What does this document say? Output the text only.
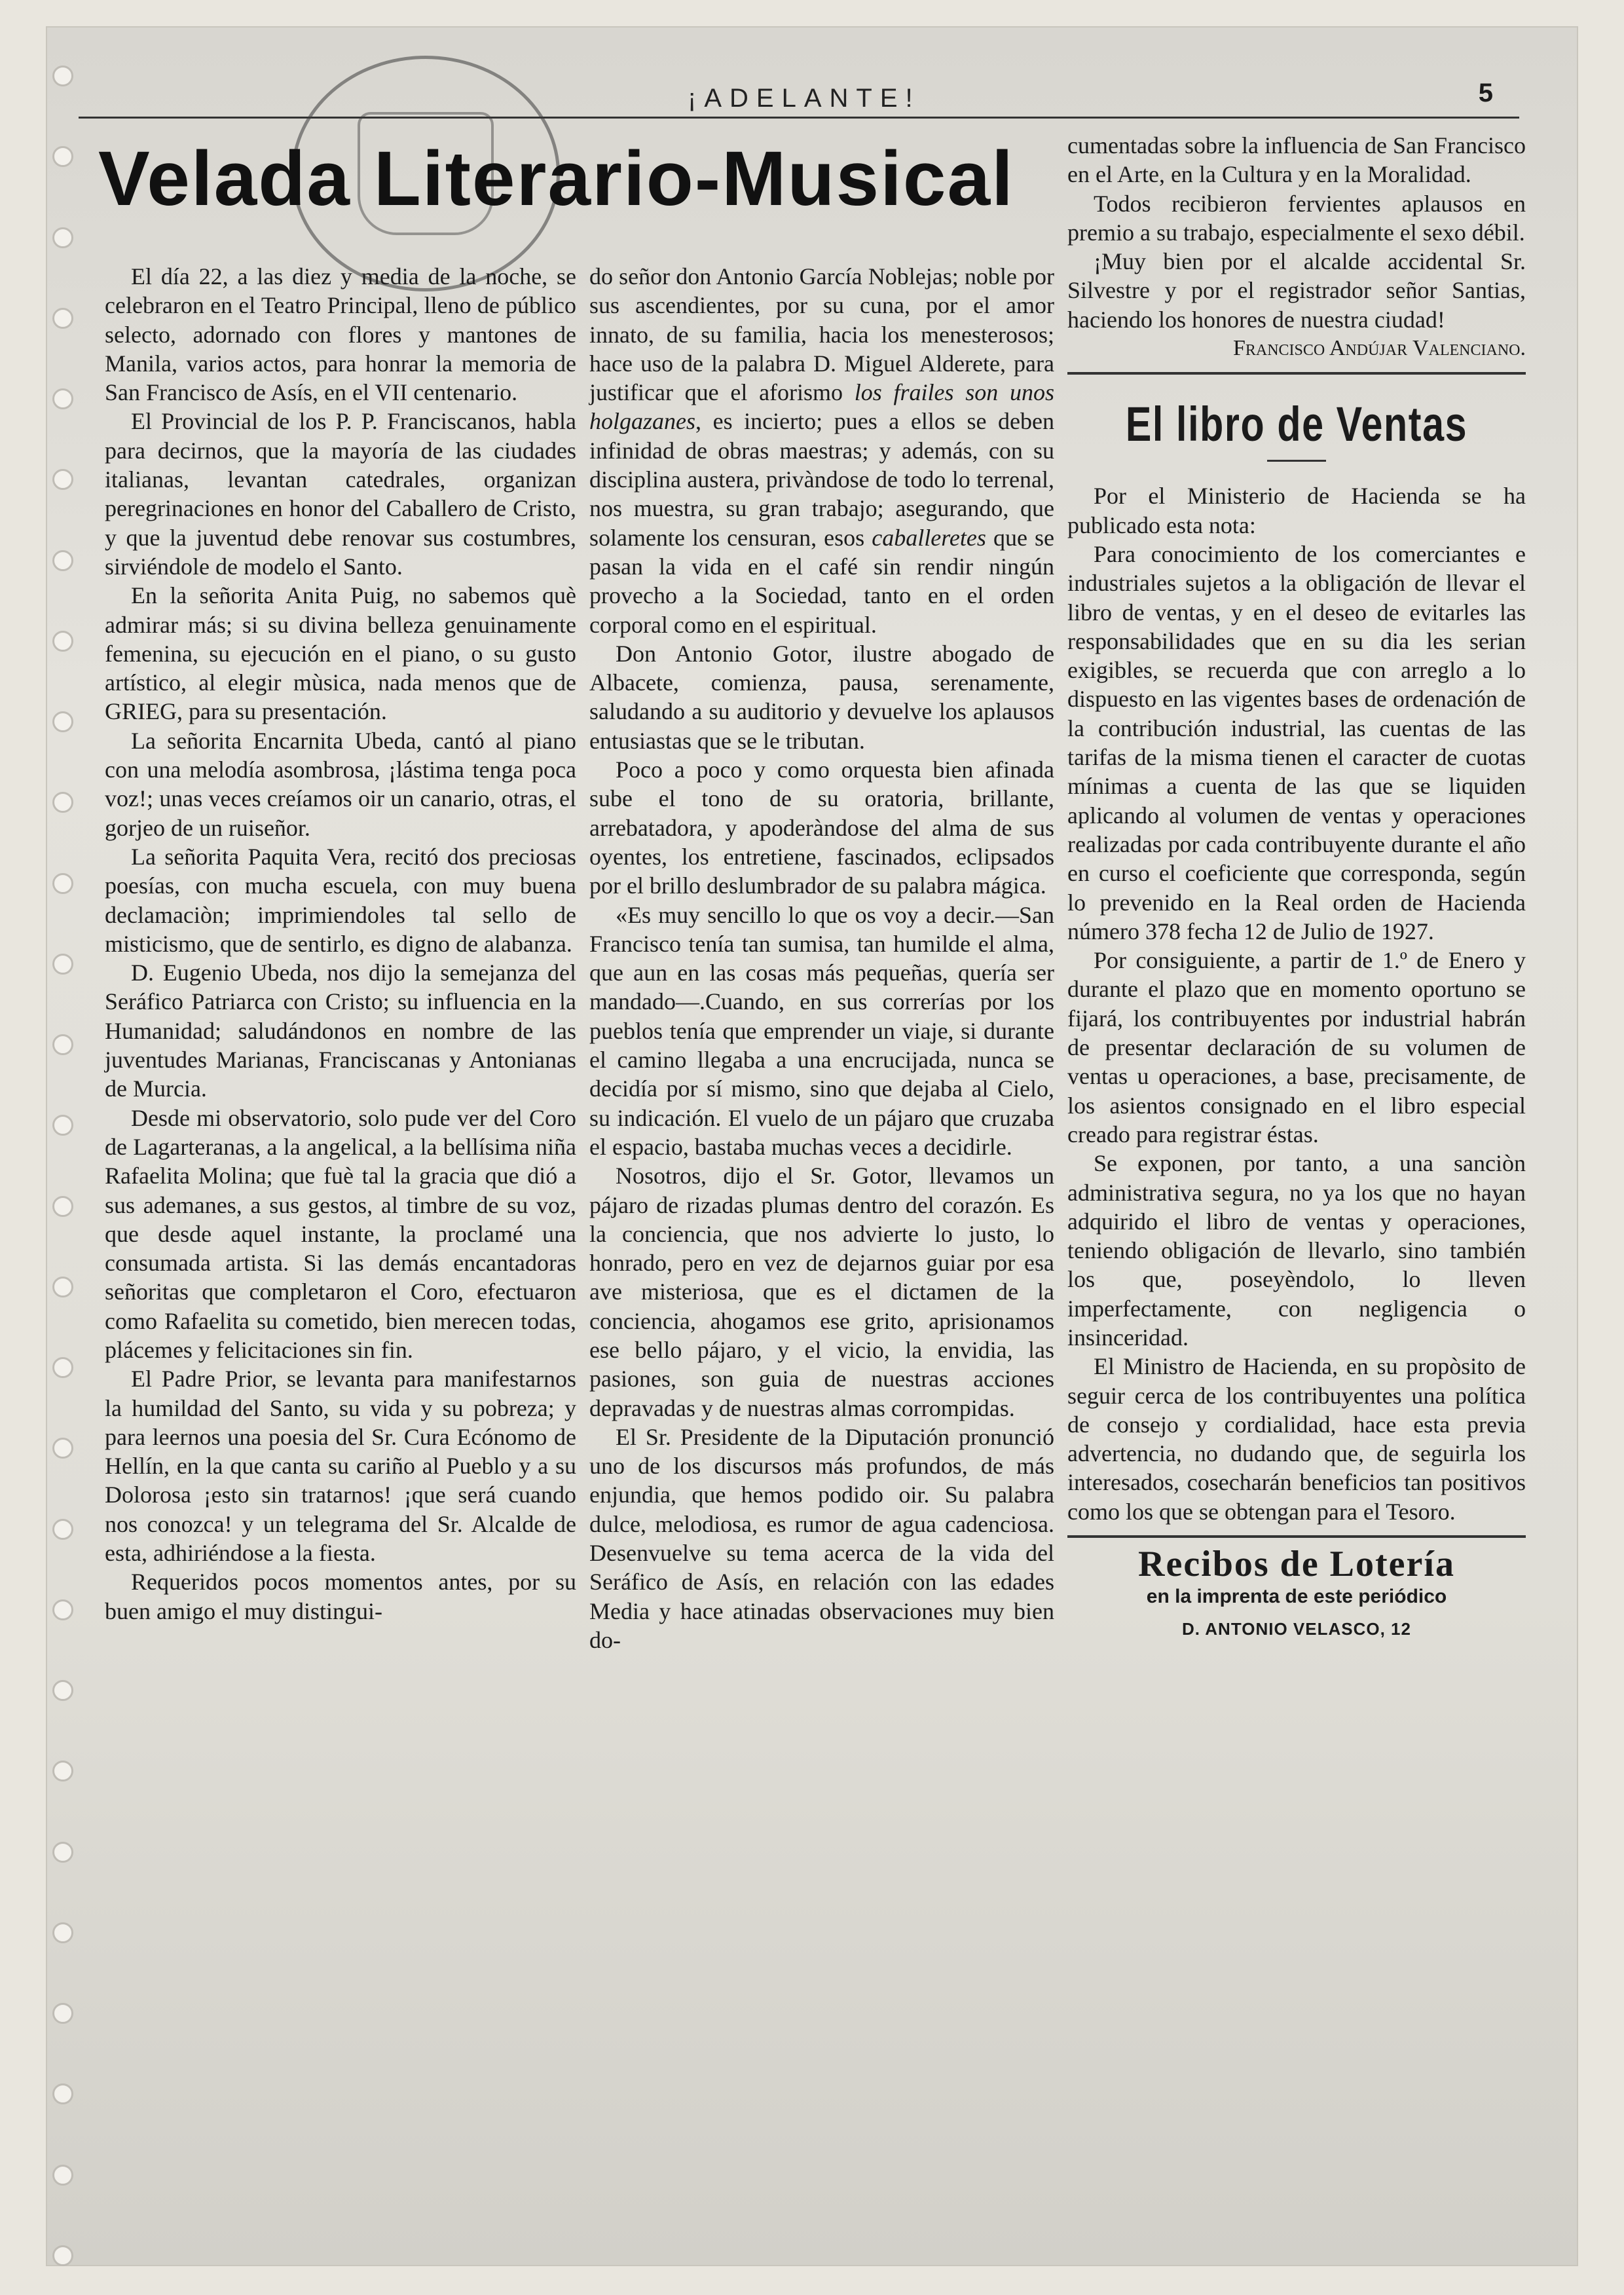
¡ADELANTE!	5
Velada Literario-Musical

El día 22, a las diez y media de la noche, se celebraron en el Teatro Principal, lleno de público selecto, adornado con flores y mantones de Manila, varios actos, para honrar la memoria de San Francisco de Asís, en el VII centenario.

El Provincial de los P. P. Franciscanos, habla para decirnos, que la mayoría de las ciudades italianas, levantan catedrales, organizan peregrinaciones en honor del Caballero de Cristo, y que la juventud debe renovar sus costumbres, sirviéndole de modelo el Santo.

En la señorita Anita Puig, no sabemos què admirar más; si su divina belleza genuinamente femenina, su ejecución en el piano, o su gusto artístico, al elegir mùsica, nada menos que de GRIEG, para su presentación.

La señorita Encarnita Ubeda, cantó al piano con una melodía asombrosa, ¡lástima tenga poca voz!; unas veces creíamos oir un canario, otras, el gorjeo de un ruiseñor.

La señorita Paquita Vera, recitó dos preciosas poesías, con mucha escuela, con muy buena declamaciòn; imprimiendoles tal sello de misticismo, que de sentirlo, es digno de alabanza.

D. Eugenio Ubeda, nos dijo la semejanza del Seráfico Patriarca con Cristo; su influencia en la Humanidad; saludándonos en nombre de las juventudes Marianas, Franciscanas y Antonianas de Murcia.

Desde mi observatorio, solo pude ver del Coro de Lagarteranas, a la angelical, a la bellísima niña Rafaelita Molina; que fuè tal la gracia que dió a sus ademanes, a sus gestos, al timbre de su voz, que desde aquel instante, la proclamé una consumada artista. Si las demás encantadoras señoritas que completaron el Coro, efectuaron como Rafaelita su cometido, bien merecen todas, plácemes y felicitaciones sin fin.

El Padre Prior, se levanta para manifestarnos la humildad del Santo, su vida y su pobreza; y para leernos una poesia del Sr. Cura Ecónomo de Hellín, en la que canta su cariño al Pueblo y a su Dolorosa ¡esto sin tratarnos! ¡que será cuando nos conozca! y un telegrama del Sr. Alcalde de esta, adhiriéndose a la fiesta.

Requeridos pocos momentos antes, por su buen amigo el muy distingui-

do señor don Antonio García Noblejas; noble por sus ascendientes, por su cuna, por el amor innato, de su familia, hacia los menesterosos; hace uso de la palabra D. Miguel Alderete, para justificar que el aforismo los frailes son unos holgazanes, es incierto; pues a ellos se deben infinidad de obras maestras; y además, con su disciplina austera, privàndose de todo lo terrenal, nos muestra, su gran trabajo; asegurando, que solamente los censuran, esos caballeretes que se pasan la vida en el café sin rendir ningún provecho a la Sociedad, tanto en el orden corporal como en el espiritual.

Don Antonio Gotor, ilustre abogado de Albacete, comienza, pausa, serenamente, saludando a su auditorio y devuelve los aplausos entusiastas que se le tributan.

Poco a poco y como orquesta bien afinada sube el tono de su oratoria, brillante, arrebatadora, y apoderàndose del alma de sus oyentes, los entretiene, fascinados, eclipsados por el brillo deslumbrador de su palabra mágica.

«Es muy sencillo lo que os voy a decir.—San Francisco tenía tan sumisa, tan humilde el alma, que aun en las cosas más pequeñas, quería ser mandado—.Cuando, en sus correrías por los pueblos tenía que emprender un viaje, si durante el camino llegaba a una encrucijada, nunca se decidía por sí mismo, sino que dejaba al Cielo, su indicación. El vuelo de un pájaro que cruzaba el espacio, bastaba muchas veces a decidirle.

Nosotros, dijo el Sr. Gotor, llevamos un pájaro de rizadas plumas dentro del corazón. Es la conciencia, que nos advierte lo justo, lo honrado, pero en vez de dejarnos guiar por esa ave misteriosa, que es el dictamen de la conciencia, ahogamos ese grito, aprisionamos ese bello pájaro, y el vicio, la envidia, las pasiones, son guia de nuestras acciones depravadas y de nuestras almas corrompidas.

El Sr. Presidente de la Diputación pronunció uno de los discursos más profundos, de más enjundia, que hemos podido oir. Su palabra dulce, melodiosa, es rumor de agua cadenciosa. Desenvuelve su tema acerca de la vida del Seráfico de Asís, en relación con las edades Media y hace atinadas observaciones muy bien do-

cumentadas sobre la influencia de San Francisco en el Arte, en la Cultura y en la Moralidad.

Todos recibieron fervientes aplausos en premio a su trabajo, especialmente el sexo débil.

¡Muy bien por el alcalde accidental Sr. Silvestre y por el registrador señor Santias, haciendo los honores de nuestra ciudad!

Francisco Andújar Valenciano.

El libro de Ventas

Por el Ministerio de Hacienda se ha publicado esta nota:

Para conocimiento de los comerciantes e industriales sujetos a la obligación de llevar el libro de ventas, y en el deseo de evitarles las responsabilidades que en su dia les serian exigibles, se recuerda que con arreglo a lo dispuesto en las vigentes bases de ordenación de la contribución industrial, las cuentas de las tarifas de la misma tienen el caracter de cuotas mínimas a cuenta de las que se liquiden aplicando al volumen de ventas y operaciones realizadas por cada contribuyente durante el año en curso el coeficiente que corresponda, según lo prevenido en la Real orden de Hacienda número 378 fecha 12 de Julio de 1927.

Por consiguiente, a partir de 1.º de Enero y durante el plazo que en momento oportuno se fijará, los contribuyentes por industrial habrán de presentar declaración de su volumen de ventas u operaciones, a base, precisamente, de los asientos consignado en el libro especial creado para registrar éstas.

Se exponen, por tanto, a una sanciòn administrativa segura, no ya los que no hayan adquirido el libro de ventas y operaciones, teniendo obligación de llevarlo, sino también los que, poseyèndolo, lo lleven imperfectamente, con negligencia o insinceridad.

El Ministro de Hacienda, en su propòsito de seguir cerca de los contribuyentes una política de consejo y cordialidad, hace esta previa advertencia, no dudando que, de seguirla los interesados, cosecharán beneficios tan positivos como los que se obtengan para el Tesoro.

Recibos de Lotería
en la imprenta de este periódico
D. ANTONIO VELASCO, 12
